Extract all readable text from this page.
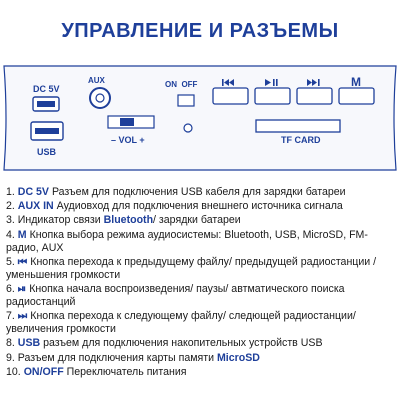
УПРАВЛЕНИЕ И РАЗЪЕМЫ
DC 5V
USB
AUX
– VOL +
ON  OFF	M
TF CARD
1. DC 5V Разъем для подключения USB кабеля для зарядки батареи
2. AUX IN Аудиовход для подключения внешнего источника сигнала
3. Индикатор связи Bluetooth/ зарядки батареи
4. M Кнопка выбора режима аудиосистемы: Bluetooth, USB, MicroSD, FM-радио, AUX
5. ⏮ Кнопка перехода к предыдущему файлу/ предыдущей радиостанции / уменьшения громкости
6. ⏯ Кнопка начала воспроизведения/ паузы/ автматического поиска радиостанций
7. ⏭ Кнопка перехода к следующему файлу/ следющей радиостанции/ увеличения громкости
8. USB разъем для подключения накопительных устройств USB
9. Разъем для подключения карты памяти MicroSD
10. ON/OFF Переключатель питания
